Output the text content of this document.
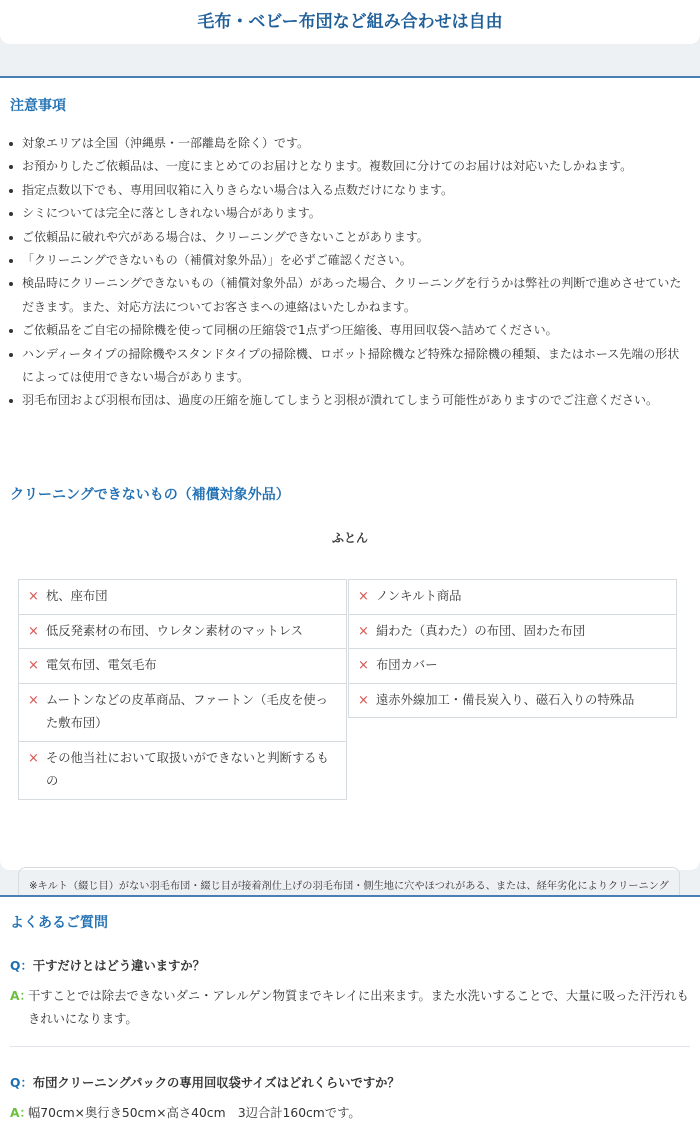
毛布・ベビー布団など組み合わせは自由
注意事項
対象エリアは全国（沖縄県・一部離島を除く）です。
お預かりしたご依頼品は、一度にまとめてのお届けとなります。複数回に分けてのお届けは対応いたしかねます。
指定点数以下でも、専用回収箱に入りきらない場合は入る点数だけになります。
シミについては完全に落としきれない場合があります。
ご依頼品に破れや穴がある場合は、クリーニングできないことがあります。
「クリーニングできないもの（補償対象外品）」を必ずご確認ください。
検品時にクリーニングできないもの（補償対象外品）があった場合、クリーニングを行うかは弊社の判断で進めさせていただきます。また、対応方法についてお客さまへの連絡はいたしかねます。
ご依頼品をご自宅の掃除機を使って同梱の圧縮袋で1点ずつ圧縮後、専用回収袋へ詰めてください。
ハンディータイプの掃除機やスタンドタイプの掃除機、ロボット掃除機など特殊な掃除機の種類、またはホース先端の形状によっては使用できない場合があります。
羽毛布団および羽根布団は、過度の圧縮を施してしまうと羽根が潰れてしまう可能性がありますのでご注意ください。
クリーニングできないもの（補償対象外品）
ふとん
× 枕、座布団
× 低反発素材の布団、ウレタン素材のマットレス
× 電気布団、電気毛布
× ムートンなどの皮革商品、ファートン（毛皮を使った敷布団）
× その他当社において取扱いができないと判断するもの
× ノンキルト商品
× 絹わた（真わた）の布団、固わた布団
× 布団カバー
× 遠赤外線加工・備長炭入り、磁石入りの特殊品
※キルト（綴じ目）がない羽毛布団・綴じ目が接着剤仕上げの羽毛布団・側生地に穴やほつれがある、または、経年劣化によりクリーニング
よくあるご質問
Q：干すだけとはどう違いますか？
A：
干すことでは除去できないダニ・アレルゲン物質までキレイに出来ます。また水洗いすることで、大量に吸った汗汚れもきれいになります。
Q：布団クリーニングパックの専用回収袋サイズはどれくらいですか？
A：
幅70cm×奥行き50cm×高さ40cm　3辺合計160cmです。
